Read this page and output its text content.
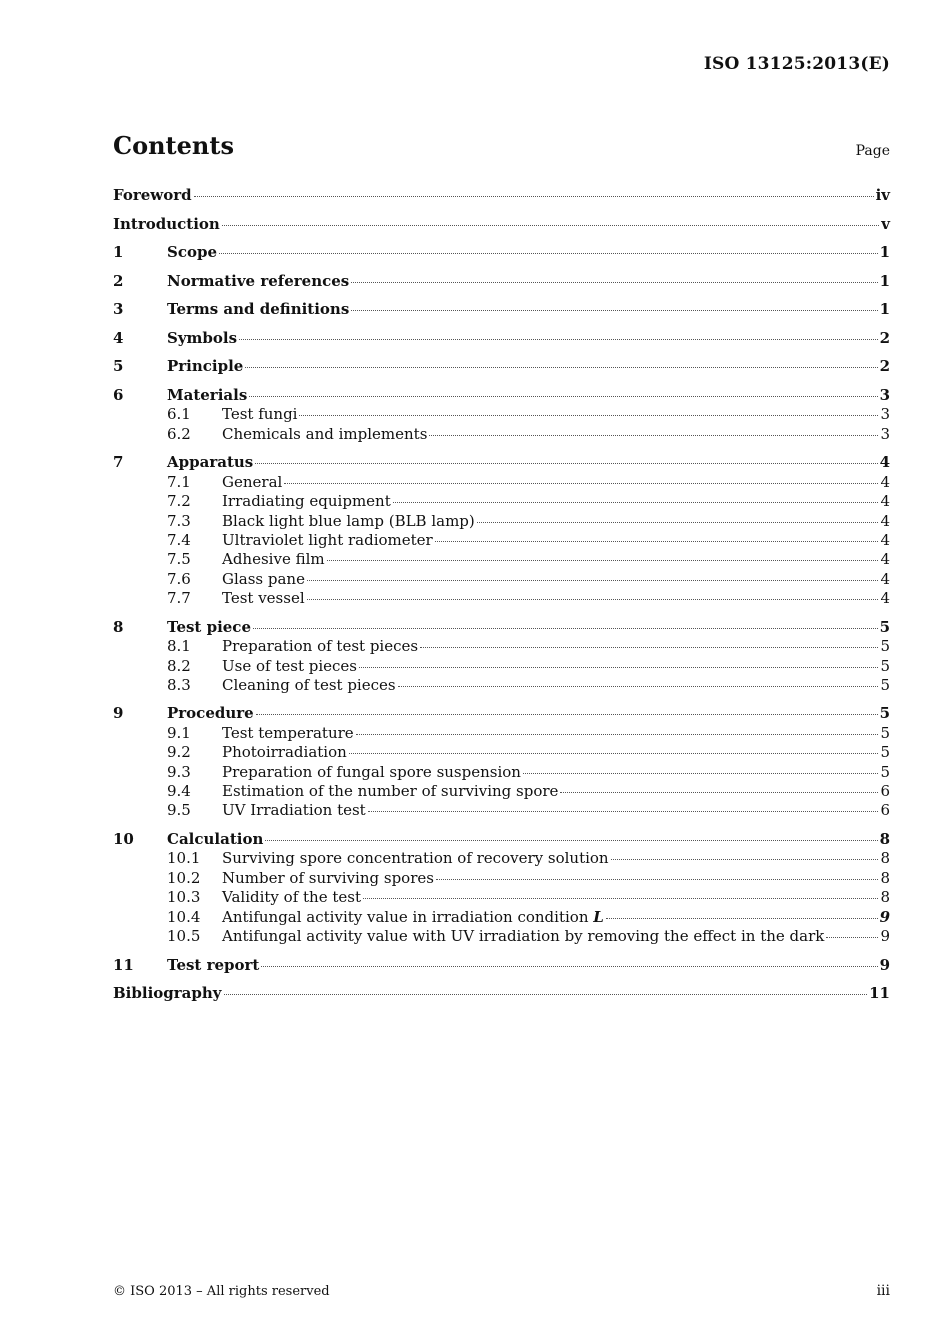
ISO 13125:2013(E)
Contents	Page
Foreword	iv
Introduction	v
1	Scope	1
2	Normative references	1
3	Terms and definitions	1
4	Symbols	2
5	Principle	2
6	Materials	3
6.1	Test fungi	3
6.2	Chemicals and implements	3
7	Apparatus	4
7.1	General	4
7.2	Irradiating equipment	4
7.3	Black light blue lamp (BLB lamp)	4
7.4	Ultraviolet light radiometer	4
7.5	Adhesive film	4
7.6	Glass pane	4
7.7	Test vessel	4
8	Test piece	5
8.1	Preparation of test pieces	5
8.2	Use of test pieces	5
8.3	Cleaning of test pieces	5
9	Procedure	5
9.1	Test temperature	5
9.2	Photoirradiation	5
9.3	Preparation of fungal spore suspension	5
9.4	Estimation of the number of surviving spore	6
9.5	UV Irradiation test	6
10	Calculation	8
10.1	Surviving spore concentration of recovery solution	8
10.2	Number of surviving spores	8
10.3	Validity of the test	8
10.4	Antifungal activity value in irradiation condition L	9
10.5	Antifungal activity value with UV irradiation by removing the effect in the dark	9
11	Test report	9
Bibliography	11
© ISO 2013 – All rights reserved	iii
